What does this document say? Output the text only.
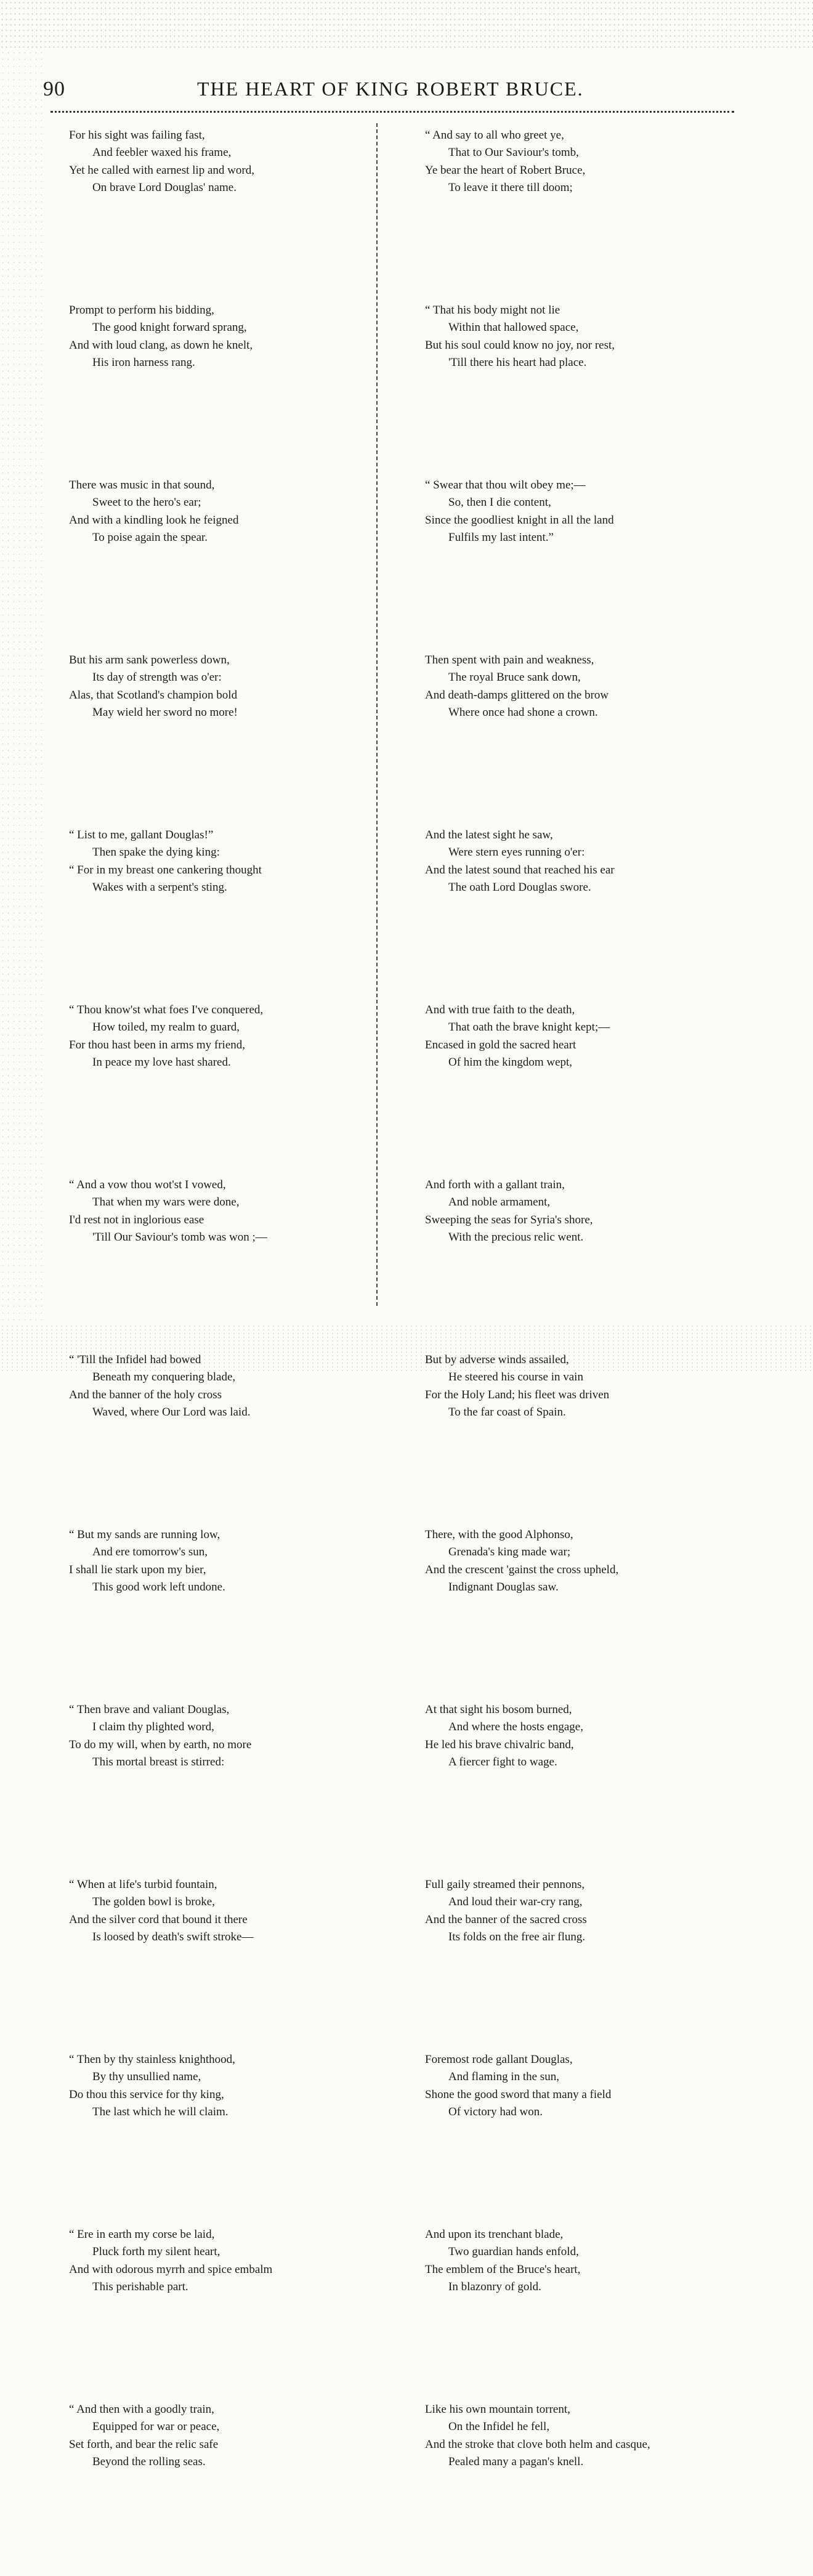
90	THE HEART OF KING ROBERT BRUCE.
For his sight was failing fast,
And feebler waxed his frame,
Yet he called with earnest lip and word,
On brave Lord Douglas' name.
Prompt to perform his bidding,
The good knight forward sprang,
And with loud clang, as down he knelt,
His iron harness rang.
There was music in that sound,
Sweet to the hero's ear;
And with a kindling look he feigned
To poise again the spear.
But his arm sank powerless down,
Its day of strength was o'er:
Alas, that Scotland's champion bold
May wield her sword no more!
“ List to me, gallant Douglas!”
Then spake the dying king:
“ For in my breast one cankering thought
Wakes with a serpent's sting.
“ Thou know'st what foes I've conquered,
How toiled, my realm to guard,
For thou hast been in arms my friend,
In peace my love hast shared.
“ And a vow thou wot'st I vowed,
That when my wars were done,
I'd rest not in inglorious ease
'Till Our Saviour's tomb was won ;—
“ 'Till the Infidel had bowed
Beneath my conquering blade,
And the banner of the holy cross
Waved, where Our Lord was laid.
“ But my sands are running low,
And ere tomorrow's sun,
I shall lie stark upon my bier,
This good work left undone.
“ Then brave and valiant Douglas,
I claim thy plighted word,
To do my will, when by earth, no more
This mortal breast is stirred:
“ When at life's turbid fountain,
The golden bowl is broke,
And the silver cord that bound it there
Is loosed by death's swift stroke—
“ Then by thy stainless knighthood,
By thy unsullied name,
Do thou this service for thy king,
The last which he will claim.
“ Ere in earth my corse be laid,
Pluck forth my silent heart,
And with odorous myrrh and spice embalm
This perishable part.
“ And then with a goodly train,
Equipped for war or peace,
Set forth, and bear the relic safe
Beyond the rolling seas.
“ And say to all who greet ye,
That to Our Saviour's tomb,
Ye bear the heart of Robert Bruce,
To leave it there till doom;
“ That his body might not lie
Within that hallowed space,
But his soul could know no joy, nor rest,
'Till there his heart had place.
“ Swear that thou wilt obey me;—
So, then I die content,
Since the goodliest knight in all the land
Fulfils my last intent.”
Then spent with pain and weakness,
The royal Bruce sank down,
And death-damps glittered on the brow
Where once had shone a crown.
And the latest sight he saw,
Were stern eyes running o'er:
And the latest sound that reached his ear
The oath Lord Douglas swore.
And with true faith to the death,
That oath the brave knight kept;—
Encased in gold the sacred heart
Of him the kingdom wept,
And forth with a gallant train,
And noble armament,
Sweeping the seas for Syria's shore,
With the precious relic went.
But by adverse winds assailed,
He steered his course in vain
For the Holy Land; his fleet was driven
To the far coast of Spain.
There, with the good Alphonso,
Grenada's king made war;
And the crescent 'gainst the cross upheld,
Indignant Douglas saw.
At that sight his bosom burned,
And where the hosts engage,
He led his brave chivalric band,
A fiercer fight to wage.
Full gaily streamed their pennons,
And loud their war-cry rang,
And the banner of the sacred cross
Its folds on the free air flung.
Foremost rode gallant Douglas,
And flaming in the sun,
Shone the good sword that many a field
Of victory had won.
And upon its trenchant blade,
Two guardian hands enfold,
The emblem of the Bruce's heart,
In blazonry of gold.
Like his own mountain torrent,
On the Infidel he fell,
And the stroke that clove both helm and casque,
Pealed many a pagan's knell.
